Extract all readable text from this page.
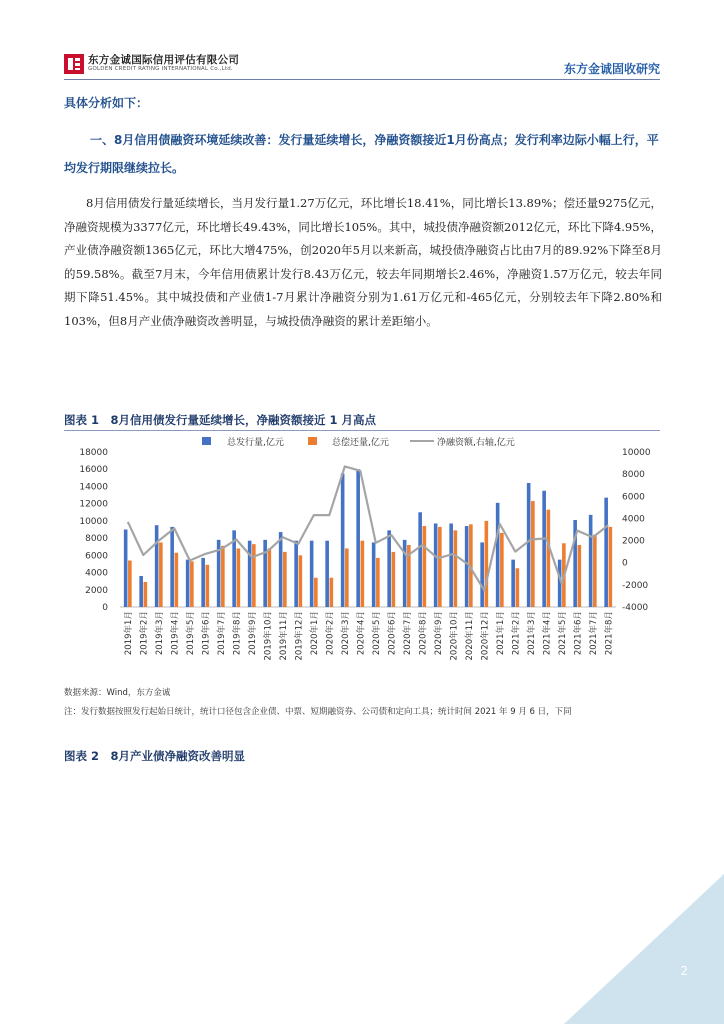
东方金诚国际信用评估有限公司
GOLDEN CREDIT RATING INTERNATIONAL Co.,Ltd.	东方金诚固收研究
具体分析如下：
一、8月信用债融资环境延续改善：发行量延续增长，净融资额接近1月份高点；发行利率边际小幅上行，平均发行期限继续拉长。
8月信用债发行量延续增长，当月发行量1.27万亿元，环比增长18.41%，同比增长13.89%；偿还量9275亿元，净融资规模为3377亿元，环比增长49.43%，同比增长105%。其中，城投债净融资额2012亿元，环比下降4.95%，产业债净融资额1365亿元，环比大增475%，创2020年5月以来新高，城投债净融资占比由7月的89.92%下降至8月的59.58%。截至7月末，今年信用债累计发行8.43万亿元，较去年同期增长2.46%，净融资1.57万亿元，较去年同期下降51.45%。其中城投债和产业债1-7月累计净融资分别为1.61万亿元和-465亿元，分别较去年下降2.80%和103%，但8月产业债净融资改善明显，与城投债净融资的累计差距缩小。
图表 1　8月信用债发行量延续增长，净融资额接近 1 月高点
总发行量,亿元	总偿还量,亿元	净融资额,右轴,亿元
0
2000
4000
6000
8000
10000
12000
14000
16000
18000
-4000
-2000
0
2000
4000
6000
8000
10000
2019年1月 2019年2月 2019年3月 2019年4月 2019年5月 2019年6月 2019年7月 2019年8月 2019年9月 2019年10月 2019年11月 2019年12月 2020年1月 2020年2月 2020年3月 2020年4月 2020年5月 2020年6月 2020年7月 2020年8月 2020年9月 2020年10月 2020年11月 2020年12月 2021年1月 2021年2月 2021年3月 2021年4月 2021年5月 2021年6月 2021年7月 2021年8月
数据来源：Wind，东方金诚
注：发行数据按照发行起始日统计，统计口径包含企业债、中票、短期融资券、公司债和定向工具；统计时间 2021 年 9 月 6 日，下同
图表 2　8月产业债净融资改善明显
2
